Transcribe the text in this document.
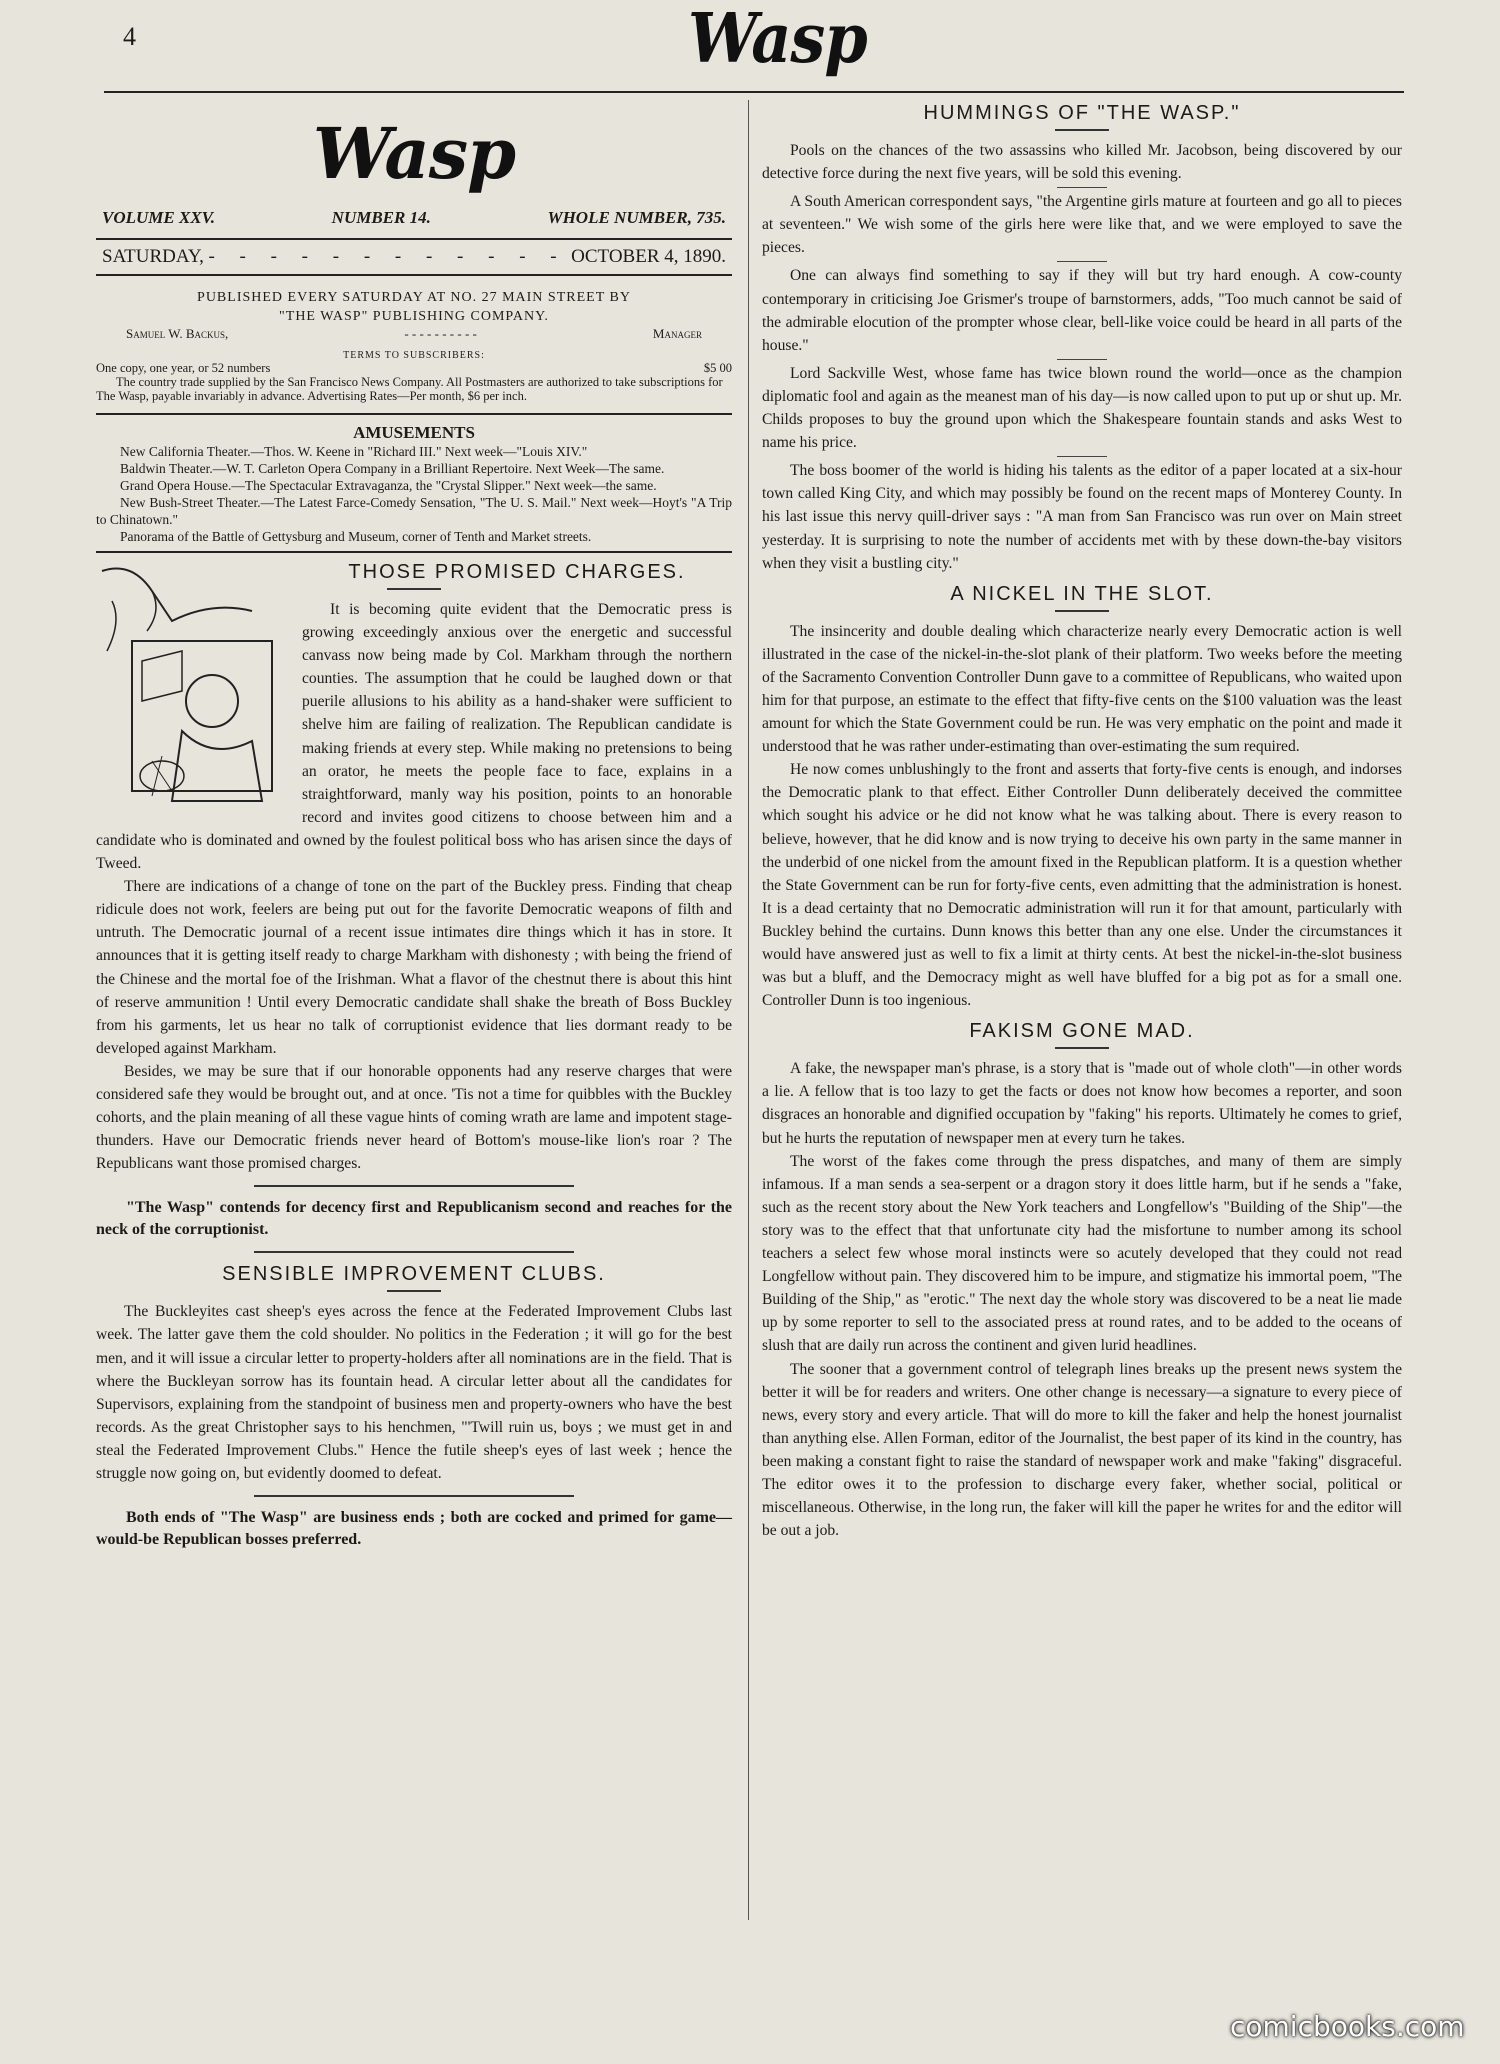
4	Wasp
Wasp
VOLUME XXV.	NUMBER 14.	WHOLE NUMBER, 735.
SATURDAY, - - - - - - - - - - - - OCTOBER 4, 1890.
PUBLISHED EVERY SATURDAY AT NO. 27 MAIN STREET BY
"THE WASP" PUBLISHING COMPANY.
Samuel W. Backus,	- - - - - - - - - -	Manager
TERMS TO SUBSCRIBERS:
One copy, one year, or 52 numbers	$5 00
The country trade supplied by the San Francisco News Company. All Postmasters are authorized to take subscriptions for The Wasp, payable invariably in advance. Advertising Rates—Per month, $6 per inch.
AMUSEMENTS

New California Theater.—Thos. W. Keene in "Richard III." Next week—"Louis XIV."

Baldwin Theater.—W. T. Carleton Opera Company in a Brilliant Repertoire. Next Week—The same.

Grand Opera House.—The Spectacular Extravaganza, the "Crystal Slipper." Next week—the same.

New Bush-Street Theater.—The Latest Farce-Comedy Sensation, "The U. S. Mail." Next week—Hoyt's "A Trip to Chinatown."

Panorama of the Battle of Gettysburg and Museum, corner of Tenth and Market streets.

THOSE PROMISED CHARGES.

It is becoming quite evident that the Democratic press is growing exceedingly anxious over the energetic and successful canvass now being made by Col. Markham through the northern counties. The assumption that he could be laughed down or that puerile allusions to his ability as a hand-shaker were sufficient to shelve him are failing of realization. The Republican candidate is making friends at every step. While making no pretensions to being an orator, he meets the people face to face, explains in a straightforward, manly way his position, points to an honorable record and invites good citizens to choose between him and a candidate who is dominated and owned by the foulest political boss who has arisen since the days of Tweed.

There are indications of a change of tone on the part of the Buckley press. Finding that cheap ridicule does not work, feelers are being put out for the favorite Democratic weapons of filth and untruth. The Democratic journal of a recent issue intimates dire things which it has in store. It announces that it is getting itself ready to charge Markham with dishonesty ; with being the friend of the Chinese and the mortal foe of the Irishman. What a flavor of the chestnut there is about this hint of reserve ammunition ! Until every Democratic candidate shall shake the breath of Boss Buckley from his garments, let us hear no talk of corruptionist evidence that lies dormant ready to be developed against Markham.

Besides, we may be sure that if our honorable opponents had any reserve charges that were considered safe they would be brought out, and at once. 'Tis not a time for quibbles with the Buckley cohorts, and the plain meaning of all these vague hints of coming wrath are lame and impotent stage-thunders. Have our Democratic friends never heard of Bottom's mouse-like lion's roar ? The Republicans want those promised charges.

"The Wasp" contends for decency first and Republicanism second and reaches for the neck of the corruptionist.
SENSIBLE IMPROVEMENT CLUBS.

The Buckleyites cast sheep's eyes across the fence at the Federated Improvement Clubs last week. The latter gave them the cold shoulder. No politics in the Federation ; it will go for the best men, and it will issue a circular letter to property-holders after all nominations are in the field. That is where the Buckleyan sorrow has its fountain head. A circular letter about all the candidates for Supervisors, explaining from the standpoint of business men and property-owners who have the best records. As the great Christopher says to his henchmen, "'Twill ruin us, boys ; we must get in and steal the Federated Improvement Clubs." Hence the futile sheep's eyes of last week ; hence the struggle now going on, but evidently doomed to defeat.

Both ends of "The Wasp" are business ends ; both are cocked and primed for game—would-be Republican bosses preferred.
HUMMINGS OF "THE WASP."

Pools on the chances of the two assassins who killed Mr. Jacobson, being discovered by our detective force during the next five years, will be sold this evening.

A South American correspondent says, "the Argentine girls mature at fourteen and go all to pieces at seventeen." We wish some of the girls here were like that, and we were employed to save the pieces.

One can always find something to say if they will but try hard enough. A cow-county contemporary in criticising Joe Grismer's troupe of barnstormers, adds, "Too much cannot be said of the admirable elocution of the prompter whose clear, bell-like voice could be heard in all parts of the house."

Lord Sackville West, whose fame has twice blown round the world—once as the champion diplomatic fool and again as the meanest man of his day—is now called upon to put up or shut up. Mr. Childs proposes to buy the ground upon which the Shakespeare fountain stands and asks West to name his price.

The boss boomer of the world is hiding his talents as the editor of a paper located at a six-hour town called King City, and which may possibly be found on the recent maps of Monterey County. In his last issue this nervy quill-driver says : "A man from San Francisco was run over on Main street yesterday. It is surprising to note the number of accidents met with by these down-the-bay visitors when they visit a bustling city."

A NICKEL IN THE SLOT.

The insincerity and double dealing which characterize nearly every Democratic action is well illustrated in the case of the nickel-in-the-slot plank of their platform. Two weeks before the meeting of the Sacramento Convention Controller Dunn gave to a committee of Republicans, who waited upon him for that purpose, an estimate to the effect that fifty-five cents on the $100 valuation was the least amount for which the State Government could be run. He was very emphatic on the point and made it understood that he was rather under-estimating than over-estimating the sum required.

He now comes unblushingly to the front and asserts that forty-five cents is enough, and indorses the Democratic plank to that effect. Either Controller Dunn deliberately deceived the committee which sought his advice or he did not know what he was talking about. There is every reason to believe, however, that he did know and is now trying to deceive his own party in the same manner in the underbid of one nickel from the amount fixed in the Republican platform. It is a question whether the State Government can be run for forty-five cents, even admitting that the administration is honest. It is a dead certainty that no Democratic administration will run it for that amount, particularly with Buckley behind the curtains. Dunn knows this better than any one else. Under the circumstances it would have answered just as well to fix a limit at thirty cents. At best the nickel-in-the-slot business was but a bluff, and the Democracy might as well have bluffed for a big pot as for a small one. Controller Dunn is too ingenious.

FAKISM GONE MAD.

A fake, the newspaper man's phrase, is a story that is "made out of whole cloth"—in other words a lie. A fellow that is too lazy to get the facts or does not know how becomes a reporter, and soon disgraces an honorable and dignified occupation by "faking" his reports. Ultimately he comes to grief, but he hurts the reputation of newspaper men at every turn he takes.

The worst of the fakes come through the press dispatches, and many of them are simply infamous. If a man sends a sea-serpent or a dragon story it does little harm, but if he sends a "fake, such as the recent story about the New York teachers and Longfellow's "Building of the Ship"—the story was to the effect that that unfortunate city had the misfortune to number among its school teachers a select few whose moral instincts were so acutely developed that they could not read Longfellow without pain. They discovered him to be impure, and stigmatize his immortal poem, "The Building of the Ship," as "erotic." The next day the whole story was discovered to be a neat lie made up by some reporter to sell to the associated press at round rates, and to be added to the oceans of slush that are daily run across the continent and given lurid headlines.

The sooner that a government control of telegraph lines breaks up the present news system the better it will be for readers and writers. One other change is necessary—a signature to every piece of news, every story and every article. That will do more to kill the faker and help the honest journalist than anything else. Allen Forman, editor of the Journalist, the best paper of its kind in the country, has been making a constant fight to raise the standard of newspaper work and make "faking" disgraceful. The editor owes it to the profession to discharge every faker, whether social, political or miscellaneous. Otherwise, in the long run, the faker will kill the paper he writes for and the editor will be out a job.

comicbooks.com
